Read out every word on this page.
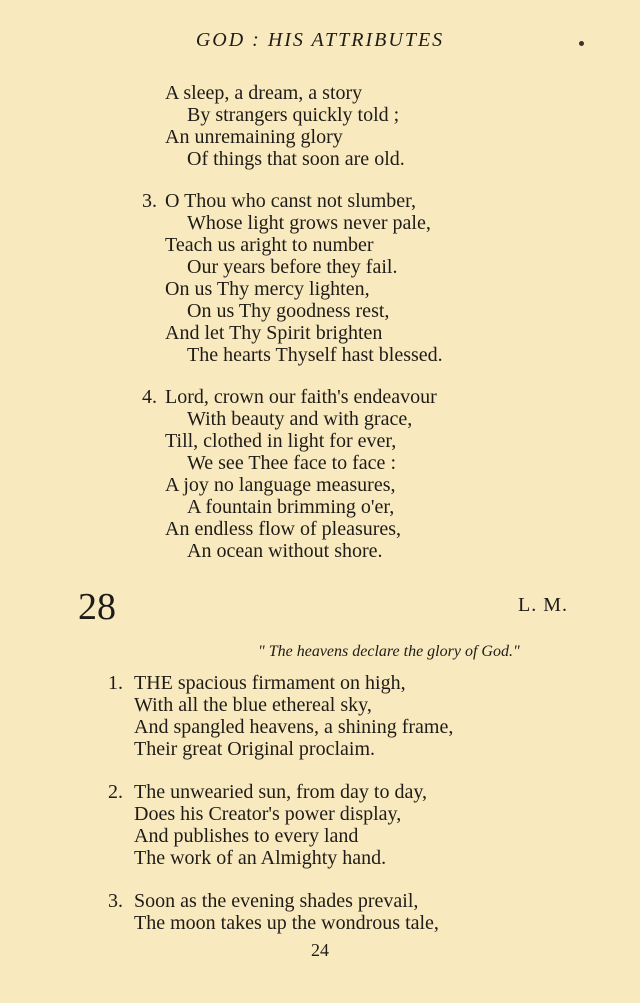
GOD : HIS ATTRIBUTES
A sleep, a dream, a story
By strangers quickly told ;
An unremaining glory
Of things that soon are old.
3. O Thou who canst not slumber,
Whose light grows never pale,
Teach us aright to number
Our years before they fail.
On us Thy mercy lighten,
On us Thy goodness rest,
And let Thy Spirit brighten
The hearts Thyself hast blessed.
4. Lord, crown our faith's endeavour
With beauty and with grace,
Till, clothed in light for ever,
We see Thee face to face :
A joy no language measures,
A fountain brimming o'er,
An endless flow of pleasures,
An ocean without shore.
28	L. M.
" The heavens declare the glory of God."
1. THE spacious firmament on high,
With all the blue ethereal sky,
And spangled heavens, a shining frame,
Their great Original proclaim.
2. The unwearied sun, from day to day,
Does his Creator's power display,
And publishes to every land
The work of an Almighty hand.
3. Soon as the evening shades prevail,
The moon takes up the wondrous tale,
24
